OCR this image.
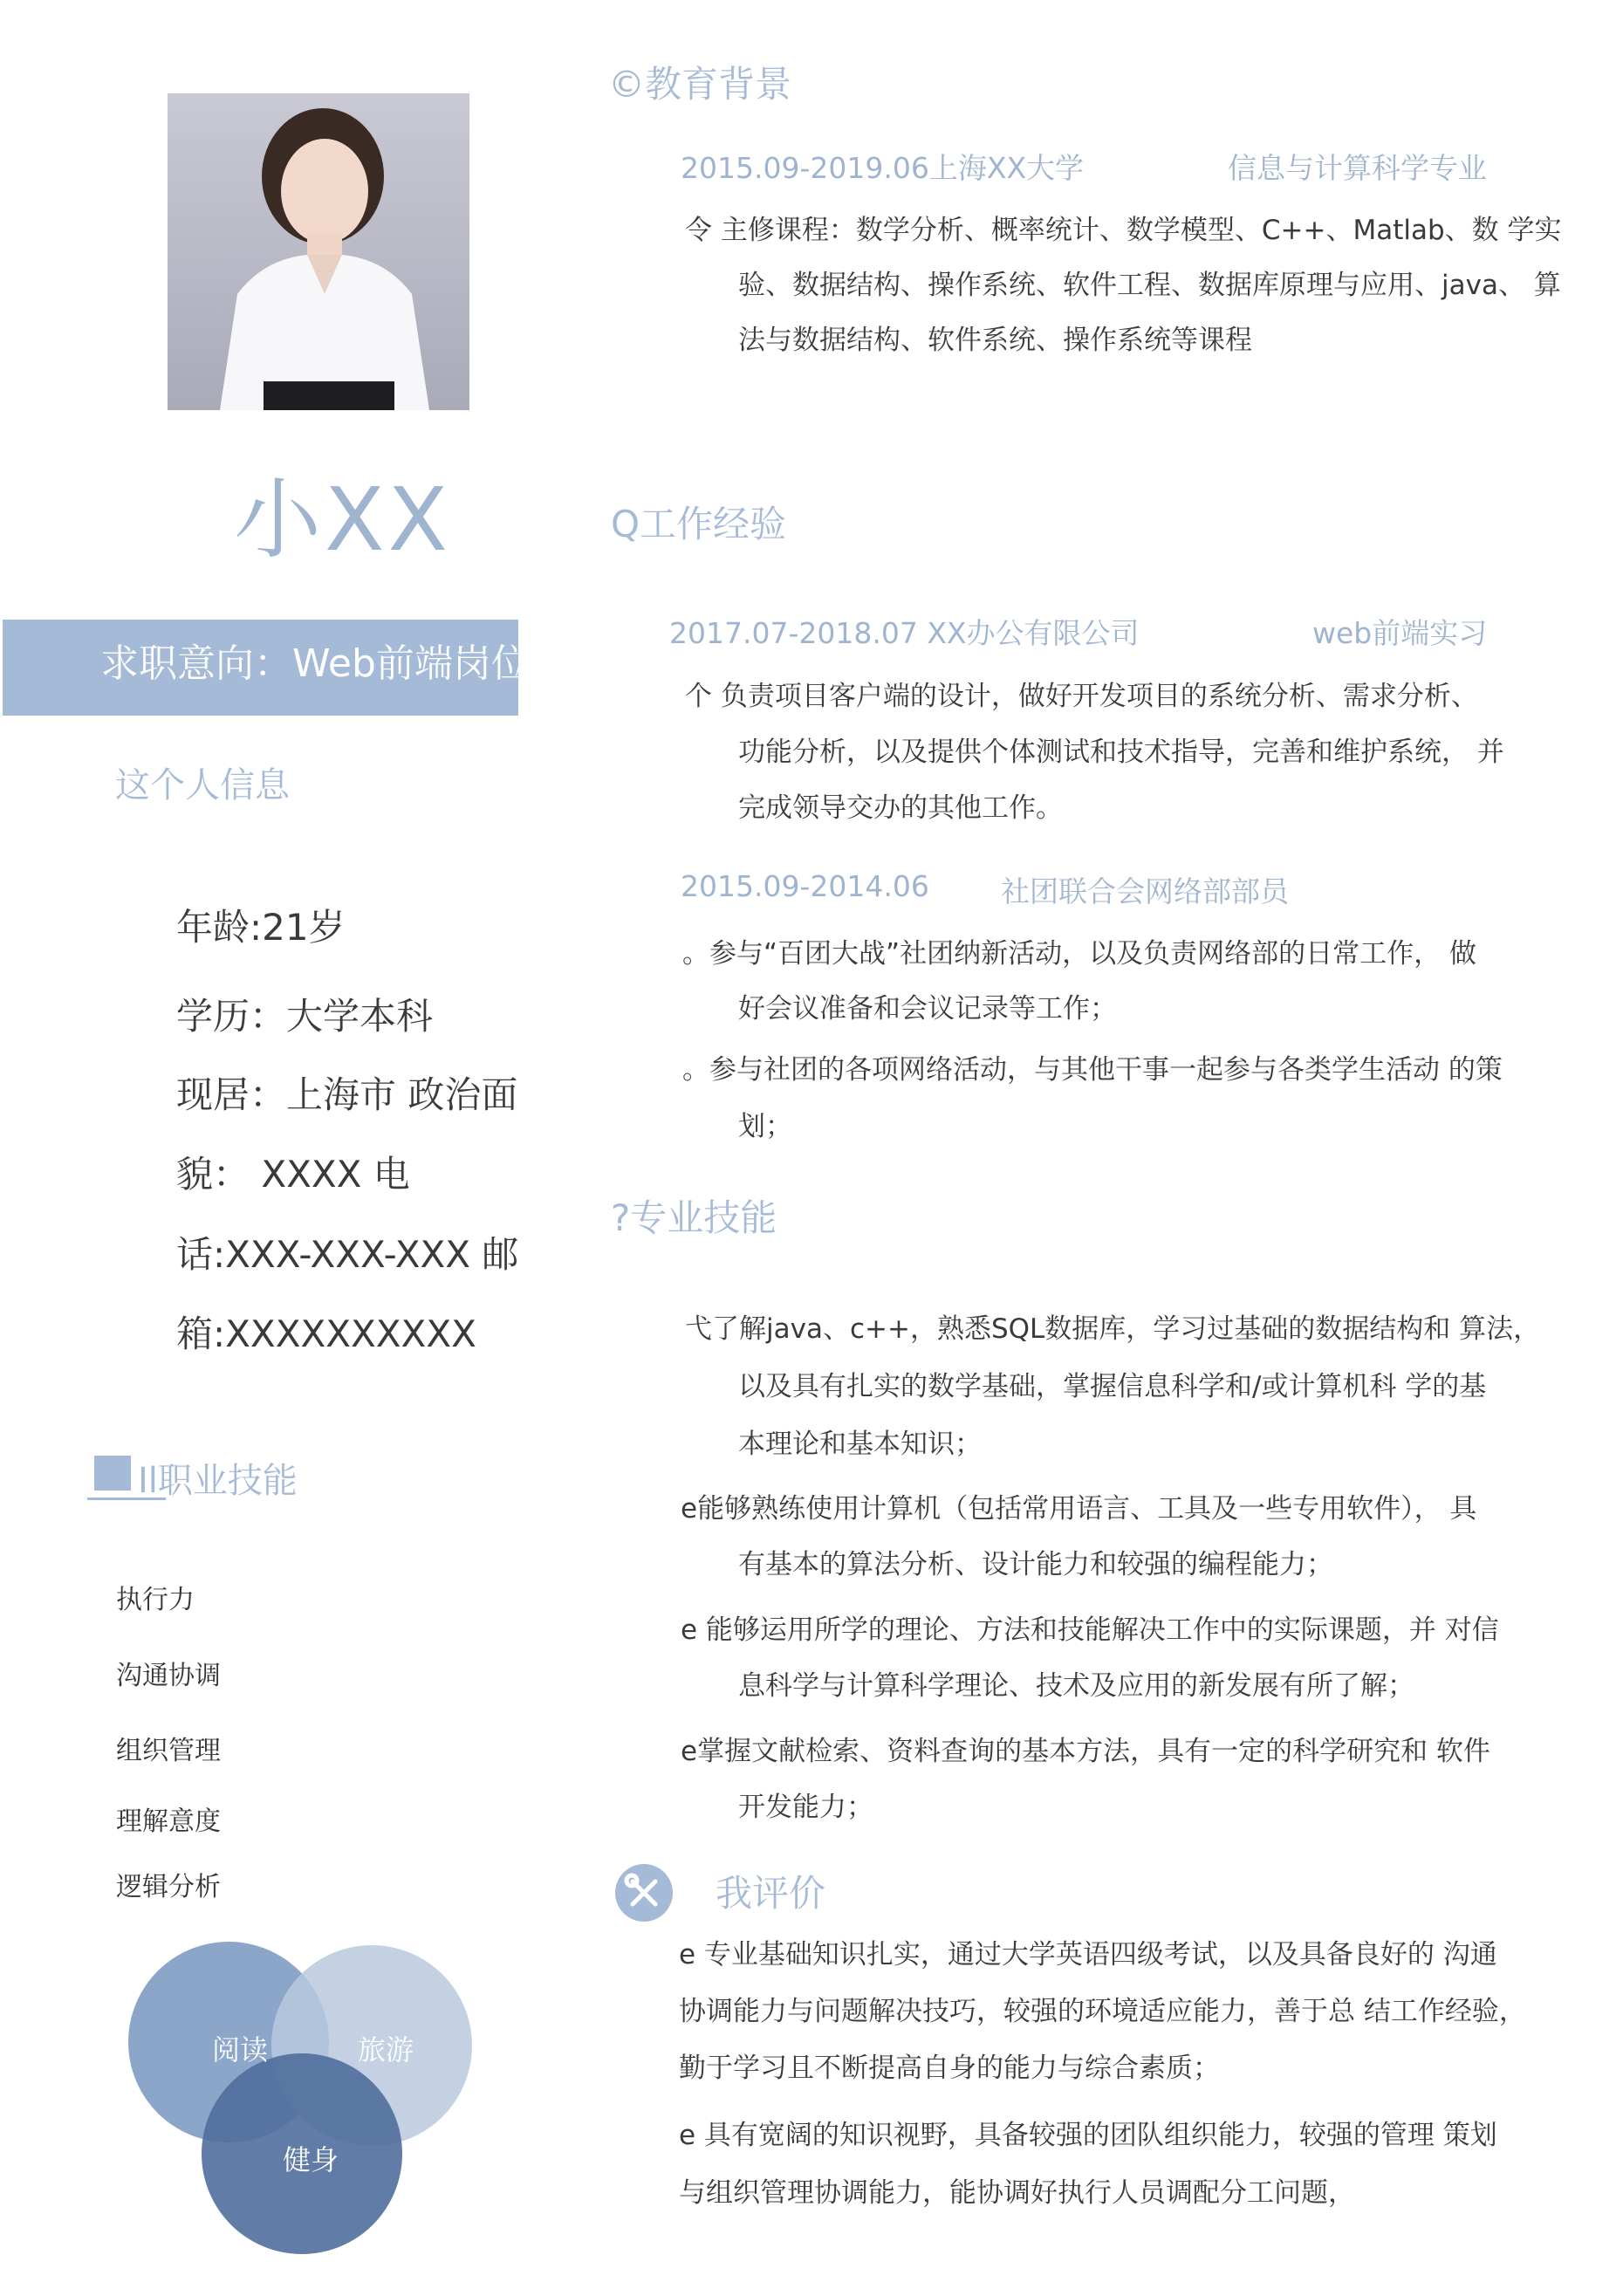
小XX
求职意向：Web前端岗位
这个人信息
年龄:21岁
学历：大学本科
现居：上海市 政治面
貌： XXXX 电
话:XXX-XXX-XXX 邮
箱:XXXXXXXXXX
Il职业技能
执行力
沟通协调
组织管理
理解意度
逻辑分析
阅读	旅游
健身
©教育背景
2015.09-2019.06上海XX大学	信息与计算科学专业
令 主修课程：数学分析、概率统计、数学模型、C++、Matlab、数 学实
验、数据结构、操作系统、软件工程、数据库原理与应用、java、 算
法与数据结构、软件系统、操作系统等课程
Q工作经验
2017.07-2018.07 XX办公有限公司	web前端实习
个 负责项目客户端的设计，做好开发项目的系统分析、需求分析、
功能分析，以及提供个体测试和技术指导，完善和维护系统， 并
完成领导交办的其他工作。
2015.09-2014.06 社团联合会网络部部员
。参与“百团大战”社团纳新活动，以及负责网络部的日常工作， 做
好会议准备和会议记录等工作；
。参与社团的各项网络活动，与其他干事一起参与各类学生活动 的策
划；
?专业技能
弋了解java、c++，熟悉SQL数据库，学习过基础的数据结构和 算法，
以及具有扎实的数学基础，掌握信息科学和/或计算机科 学的基
本理论和基本知识；
e能够熟练使用计算机（包括常用语言、工具及一些专用软件）， 具
有基本的算法分析、设计能力和较强的编程能力；
e 能够运用所学的理论、方法和技能解决工作中的实际课题，并 对信
息科学与计算科学理论、技术及应用的新发展有所了解；
e掌握文献检索、资料查询的基本方法，具有一定的科学研究和 软件
开发能力；
我评价
e 专业基础知识扎实，通过大学英语四级考试，以及具备良好的 沟通
协调能力与问题解决技巧，较强的环境适应能力，善于总 结工作经验，
勤于学习且不断提高自身的能力与综合素质；
e 具有宽阔的知识视野，具备较强的团队组织能力，较强的管理 策划
与组织管理协调能力，能协调好执行人员调配分工问题，
